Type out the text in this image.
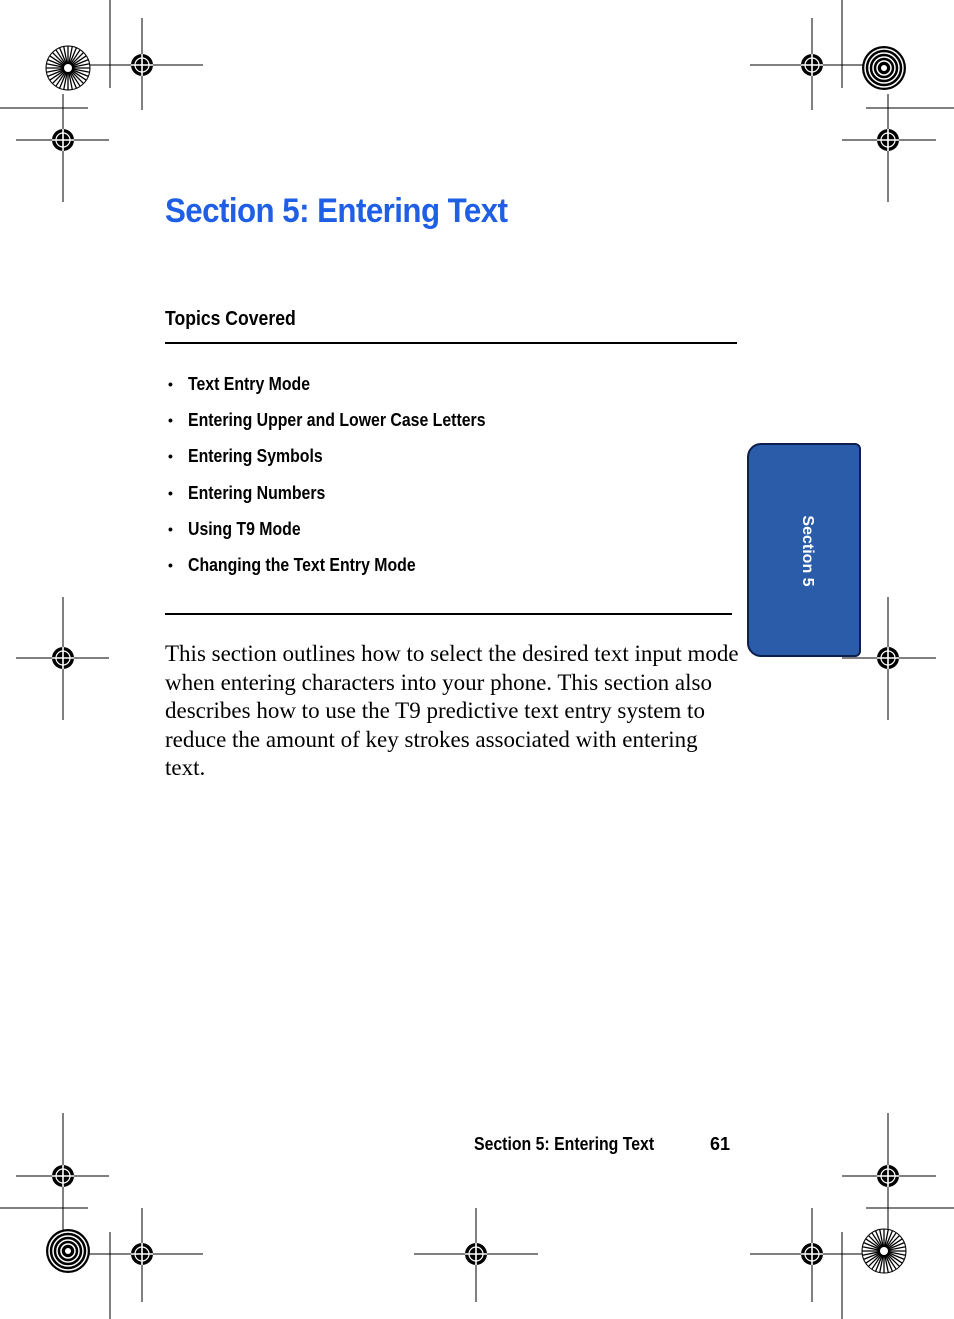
Section 5: Entering Text
Topics Covered
• Text Entry Mode
• Entering Upper and Lower Case Letters
• Entering Symbols
• Entering Numbers
• Using T9 Mode
• Changing the Text Entry Mode

This section outlines how to select the desired text input mode when entering characters into your phone. This section also describes how to use the T9 predictive text entry system to reduce the amount of key strokes associated with entering text.

Section 5
Section 5: Entering Text	61
